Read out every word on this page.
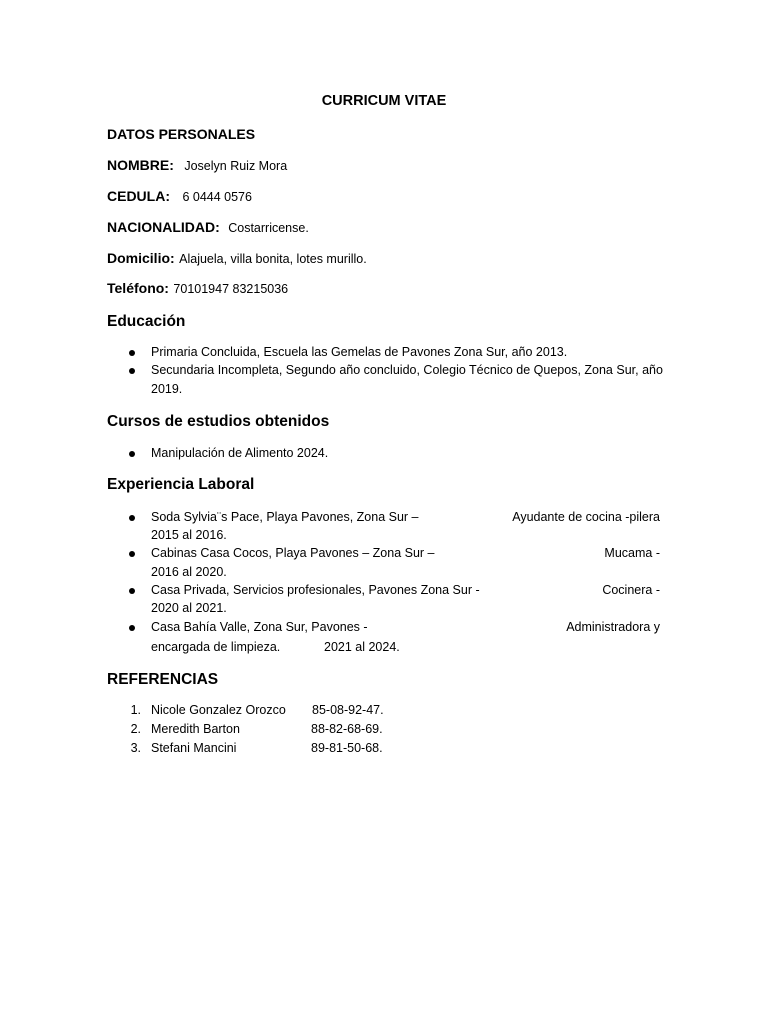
CURRICUM VITAE
DATOS PERSONALES
NOMBRE: Joselyn Ruiz Mora
CEDULA: 6 0444 0576
NACIONALIDAD: Costarricense.
Domicilio: Alajuela, villa bonita, lotes murillo.
Teléfono: 70101947 83215036
Educación
Primaria Concluida, Escuela las Gemelas de Pavones Zona Sur, año 2013.
Secundaria Incompleta, Segundo año concluido, Colegio Técnico de Quepos, Zona Sur, año
2019.
Cursos de estudios obtenidos
Manipulación de Alimento 2024.
Experiencia Laboral
Soda Sylvia¨s Pace, Playa Pavones, Zona Sur –	Ayudante de cocina -pilera
2015 al 2016.
Cabinas Casa Cocos, Playa Pavones – Zona Sur –	Mucama -
2016 al 2020.
Casa Privada, Servicios profesionales, Pavones Zona Sur -	Cocinera -
2020 al 2021.
Casa Bahía Valle, Zona Sur, Pavones -	Administradora y
encargada de limpieza.	2021 al 2024.
REFERENCIAS
1. Nicole Gonzalez Orozco 85-08-92-47.
2. Meredith Barton	88-82-68-69.
3. Stefani Mancini	89-81-50-68.
